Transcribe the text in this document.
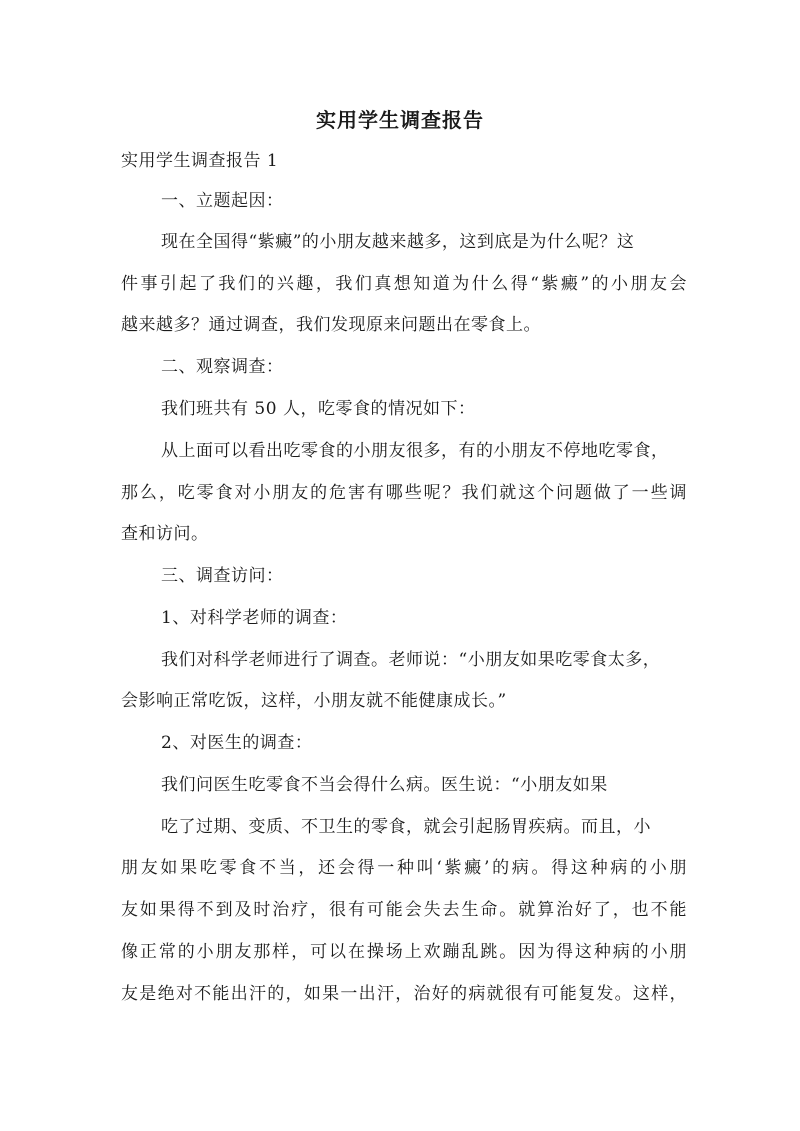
实用学生调查报告
实用学生调查报告 1
一、立题起因：
现在全国得“紫癜”的小朋友越来越多，这到底是为什么呢？这
件事引起了我们的兴趣，我们真想知道为什么得“紫癜”的小朋友会
越来越多？通过调查，我们发现原来问题出在零食上。
二、观察调查：
我们班共有 50 人，吃零食的情况如下：
从上面可以看出吃零食的小朋友很多，有的小朋友不停地吃零食，
那么，吃零食对小朋友的危害有哪些呢？我们就这个问题做了一些调
查和访问。
三、调查访问：
1、对科学老师的调查：
我们对科学老师进行了调查。老师说：“小朋友如果吃零食太多，
会影响正常吃饭，这样，小朋友就不能健康成长。”
2、对医生的调查：
我们问医生吃零食不当会得什么病。医生说：“小朋友如果
吃了过期、变质、不卫生的零食，就会引起肠胃疾病。而且，小
朋友如果吃零食不当，还会得一种叫‘紫癜’的病。得这种病的小朋
友如果得不到及时治疗，很有可能会失去生命。就算治好了，也不能
像正常的小朋友那样，可以在操场上欢蹦乱跳。因为得这种病的小朋
友是绝对不能出汗的，如果一出汗，治好的病就很有可能复发。这样，
